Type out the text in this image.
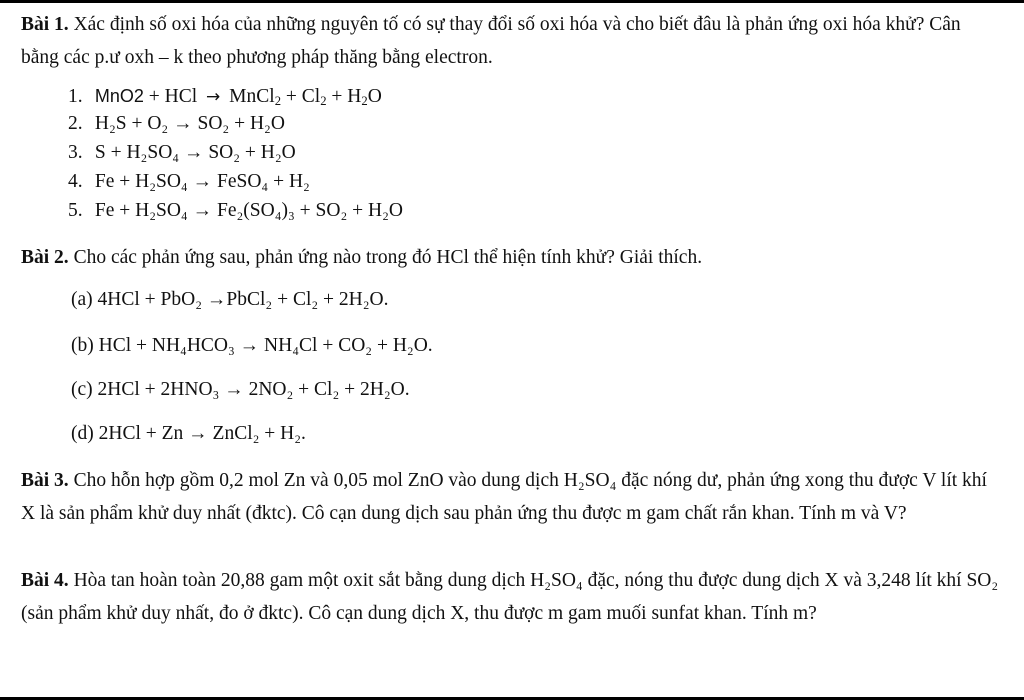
Bài 1. Xác định số oxi hóa của những nguyên tố có sự thay đổi số oxi hóa và cho biết đâu là phản ứng oxi hóa khử? Cân bằng các p.ư oxh – k theo phương pháp thăng bằng electron.

1. MnO2 + HCl → MnCl$_2$ + $Cl_2 + H_2O$
2. H₂S + O₂ → SO₂ + H₂O
3. S + H₂SO₄ → SO₂ + H₂O
4. Fe + H₂SO₄ → FeSO₄ + H₂
5. Fe + H₂SO₄ → Fe₂(SO₄)₃ + SO₂ + H₂O

Bài 2. Cho các phản ứng sau, phản ứng nào trong đó HCl thể hiện tính khử? Giải thích.

(a) 4HCl + PbO₂ →PbCl₂ + Cl₂ + 2H₂O.
(b) HCl + NH₄HCO₃ → NH₄Cl + CO₂ + H₂O.
(c) 2HCl + 2HNO₃ → 2NO₂ + Cl₂ + 2H₂O.
(d) 2HCl + Zn → ZnCl₂ + H₂.

Bài 3. Cho hỗn hợp gồm 0,2 mol Zn và 0,05 mol ZnO vào dung dịch H₂SO₄ đặc nóng dư, phản ứng xong thu được V lít khí X là sản phẩm khử duy nhất (đktc). Cô cạn dung dịch sau phản ứng thu được m gam chất rắn khan. Tính m và V?

Bài 4. Hòa tan hoàn toàn 20,88 gam một oxit sắt bằng dung dịch H₂SO₄ đặc, nóng thu được dung dịch X và 3,248 lít khí SO₂ (sản phẩm khử duy nhất, đo ở đktc). Cô cạn dung dịch X, thu được m gam muối sunfat khan. Tính m?
